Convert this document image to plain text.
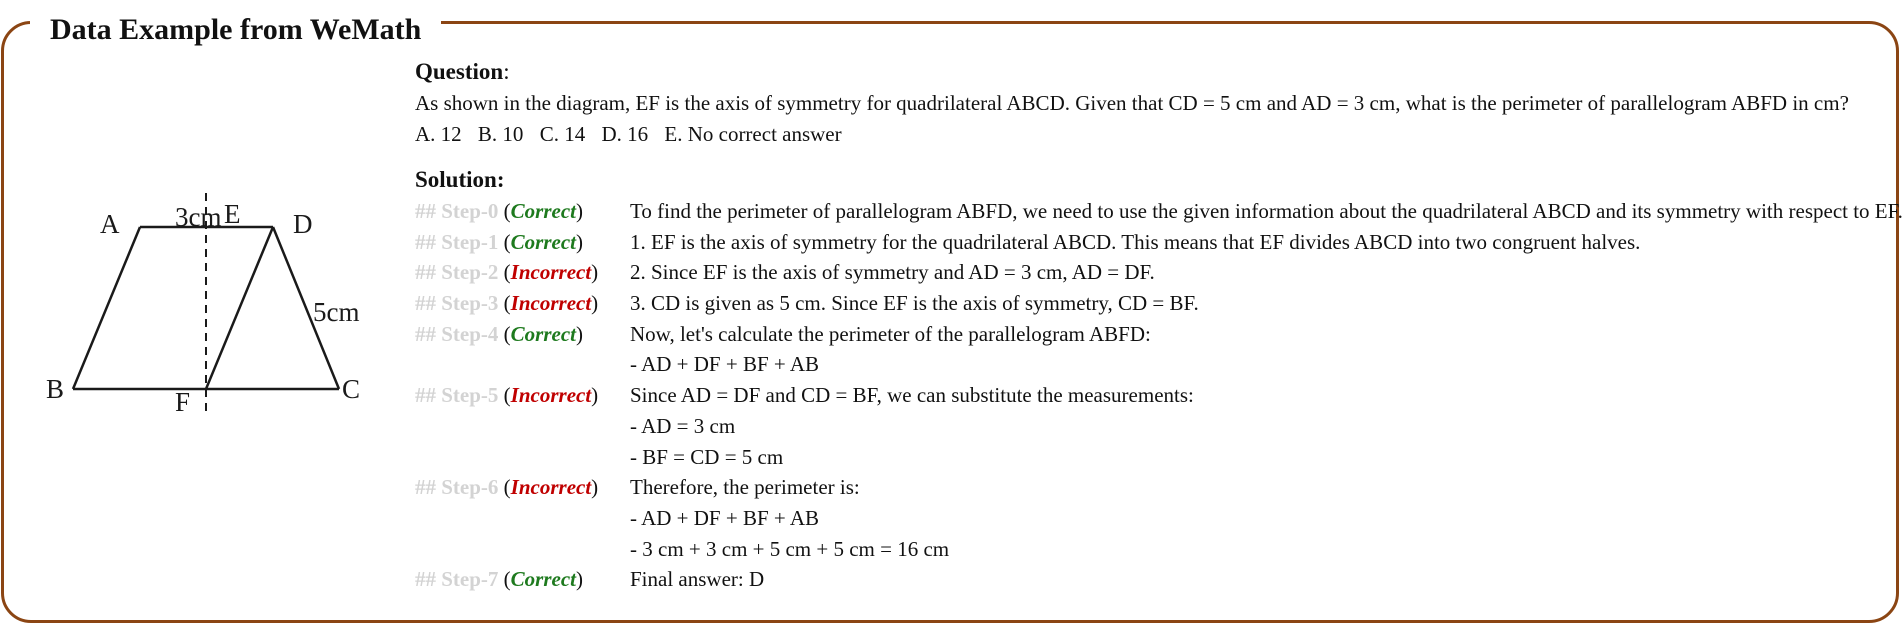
Data Example from WeMath
A 3cm E D
5cm
B	F	C
Question:
As shown in the diagram, EF is the axis of symmetry for quadrilateral ABCD. Given that CD = 5 cm and AD = 3 cm, what is the perimeter of parallelogram ABFD in cm?
A. 12 B. 10 C. 14 D. 16 E. No correct answer
Solution:
## Step-0 (Correct)	To find the perimeter of parallelogram ABFD, we need to use the given information about the quadrilateral ABCD and its symmetry with respect to EF.
## Step-1 (Correct)	1. EF is the axis of symmetry for the quadrilateral ABCD. This means that EF divides ABCD into two congruent halves.
## Step-2 (Incorrect)	2. Since EF is the axis of symmetry and AD = 3 cm, AD = DF.
## Step-3 (Incorrect)	3. CD is given as 5 cm. Since EF is the axis of symmetry, CD = BF.
## Step-4 (Correct)	Now, let's calculate the perimeter of the parallelogram ABFD:
- AD + DF + BF + AB
## Step-5 (Incorrect)	Since AD = DF and CD = BF, we can substitute the measurements:
- AD = 3 cm
- BF = CD = 5 cm
## Step-6 (Incorrect)	Therefore, the perimeter is:
- AD + DF + BF + AB
- 3 cm + 3 cm + 5 cm + 5 cm = 16 cm
## Step-7 (Correct)	Final answer: D
